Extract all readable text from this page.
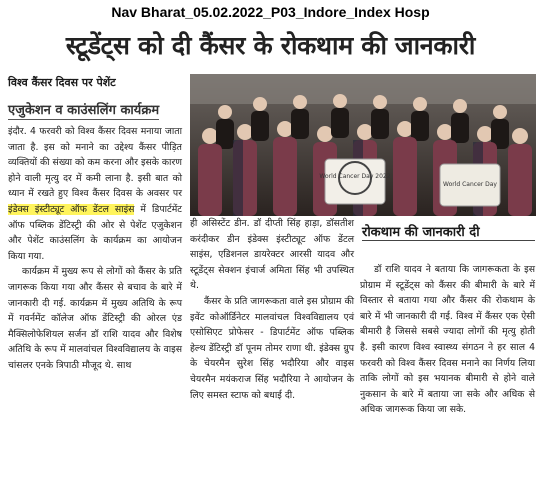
Nav Bharat_05.02.2022_P03_Indore_Index Hosp
स्टूडेंट्स को दी कैंसर के रोकथाम की जानकारी
विश्व कैंसर दिवस पर पेशेंट
एजुकेशन व काउंसलिंग कार्यक्रम

इंदौर. 4 फरवरी को विश्व कैंसर दिवस मनाया जाता जाता है. इस को मनाने का उद्देश्य कैंसर पीड़ित व्यक्तियों की संख्या को कम करना और इसके कारण होने वाली मृत्यु दर में कमी लाना है. इसी बात को ध्यान में रखते हुए विश्व कैंसर दिवस के अवसर पर इंडेक्स इंस्टीट्यूट ऑफ डेंटल साइंस में डिपार्टमेंट ऑफ पब्लिक डेंटिस्ट्री की ओर से पेशेंट एजुकेशन और पेशेंट काउंसलिंग के कार्यक्रम का आयोजन किया गया.

कार्यक्रम में मुख्य रूप से लोगों को कैंसर के प्रति जागरूक किया गया और कैंसर से बचाव के बारे में जानकारी दी गई. कार्यक्रम में मुख्य अतिथि के रूप में गवर्नमेंट कॉलेज ऑफ डेंटिस्ट्री की ओरल एंड मैक्सिलोफेशियल सर्जन डॉ राशि यादव और विशेष अतिथि के रूप में मालवांचल विश्वविद्यालय के वाइस चांसलर एनके त्रिपाठी मौजूद थे. साथ

World Cancer Day 2022
World Cancer Day

ही असिस्टेंट डीन. डॉ दीप्ती सिंह हाड़ा, डॉसतीश करंदीकर डीन इंडेक्स इंस्टीट्यूट ऑफ डेंटल साइंस, एडिशनल डायरेक्टर आरसी यादव और स्टूडेंट्स सेक्शन इंचार्ज अमिता सिंह भी उपस्थित थे.

कैंसर के प्रति जागरूकता वाले इस प्रोग्राम की इवेंट कोऑर्डिनेटर मालवांचल विश्वविद्यालय एवं एसोसिएट प्रोफेसर - डिपार्टमेंट ऑफ पब्लिक हेल्थ डेंटिस्ट्री डॉ पूनम तोमर राणा थी. इंडेक्स ग्रुप के चेयरमैन सुरेश सिंह भदौरिया और वाइस चेयरमैन मयंकराज सिंह भदौरिया ने आयोजन के लिए समस्त स्टाफ को बधाई दी.

रोकथाम की जानकारी दी

डॉ राशि यादव ने बताया कि जागरूकता के इस प्रोग्राम में स्टूडेंट्स को कैंसर की बीमारी के बारे में विस्तार से बताया गया और कैंसर की रोकथाम के बारे में भी जानकारी दी गई. विश्व में कैंसर एक ऐसी बीमारी है जिससे सबसे ज्यादा लोगों की मृत्यु होती है. इसी कारण विश्व स्वास्थ्य संगठन ने हर साल 4 फरवरी को विश्व कैंसर दिवस मनाने का निर्णय लिया ताकि लोगों को इस भयानक बीमारी से होने वाले नुकसान के बारे में बताया जा सके और अधिक से अधिक जागरूक किया जा सके.
